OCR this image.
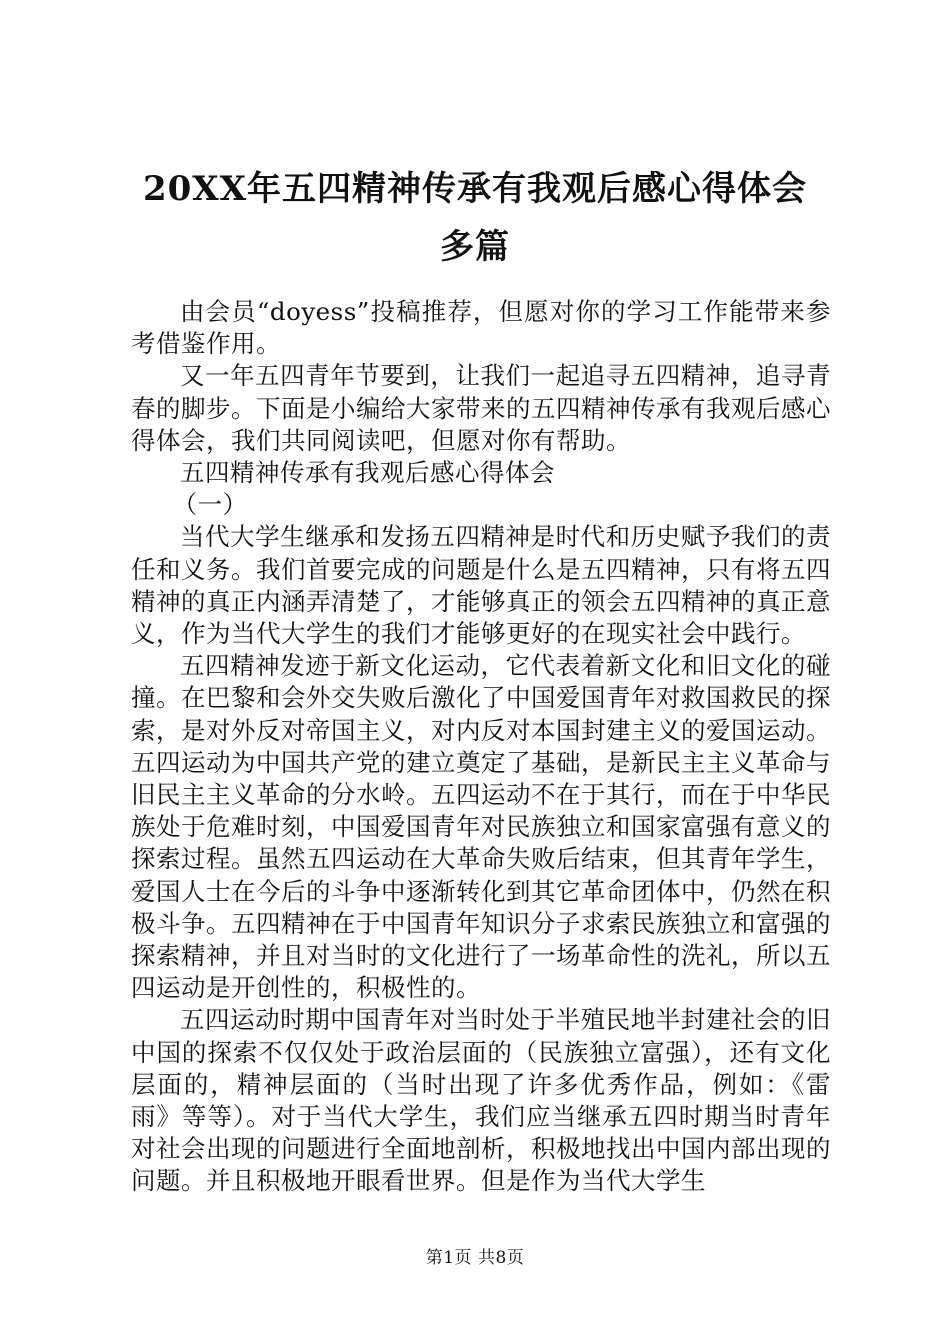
20XX年五四精神传承有我观后感心得体会多篇

由会员“doyess”投稿推荐，但愿对你的学习工作能带来参考借鉴作用。

又一年五四青年节要到，让我们一起追寻五四精神，追寻青春的脚步。下面是小编给大家带来的五四精神传承有我观后感心得体会，我们共同阅读吧，但愿对你有帮助。

五四精神传承有我观后感心得体会

（一）

当代大学生继承和发扬五四精神是时代和历史赋予我们的责任和义务。我们首要完成的问题是什么是五四精神，只有将五四精神的真正内涵弄清楚了，才能够真正的领会五四精神的真正意义，作为当代大学生的我们才能够更好的在现实社会中践行。

五四精神发迹于新文化运动，它代表着新文化和旧文化的碰撞。在巴黎和会外交失败后激化了中国爱国青年对救国救民的探索，是对外反对帝国主义，对内反对本国封建主义的爱国运动。五四运动为中国共产党的建立奠定了基础，是新民主主义革命与旧民主主义革命的分水岭。五四运动不在于其行，而在于中华民族处于危难时刻，中国爱国青年对民族独立和国家富强有意义的探索过程。虽然五四运动在大革命失败后结束，但其青年学生，爱国人士在今后的斗争中逐渐转化到其它革命团体中，仍然在积极斗争。五四精神在于中国青年知识分子求索民族独立和富强的探索精神，并且对当时的文化进行了一场革命性的洗礼，所以五四运动是开创性的，积极性的。

五四运动时期中国青年对当时处于半殖民地半封建社会的旧中国的探索不仅仅处于政治层面的（民族独立富强），还有文化层面的，精神层面的（当时出现了许多优秀作品，例如：《雷雨》等等）。对于当代大学生，我们应当继承五四时期当时青年对社会出现的问题进行全面地剖析，积极地找出中国内部出现的问题。并且积极地开眼看世界。但是作为当代大学生

第1页 共8页
